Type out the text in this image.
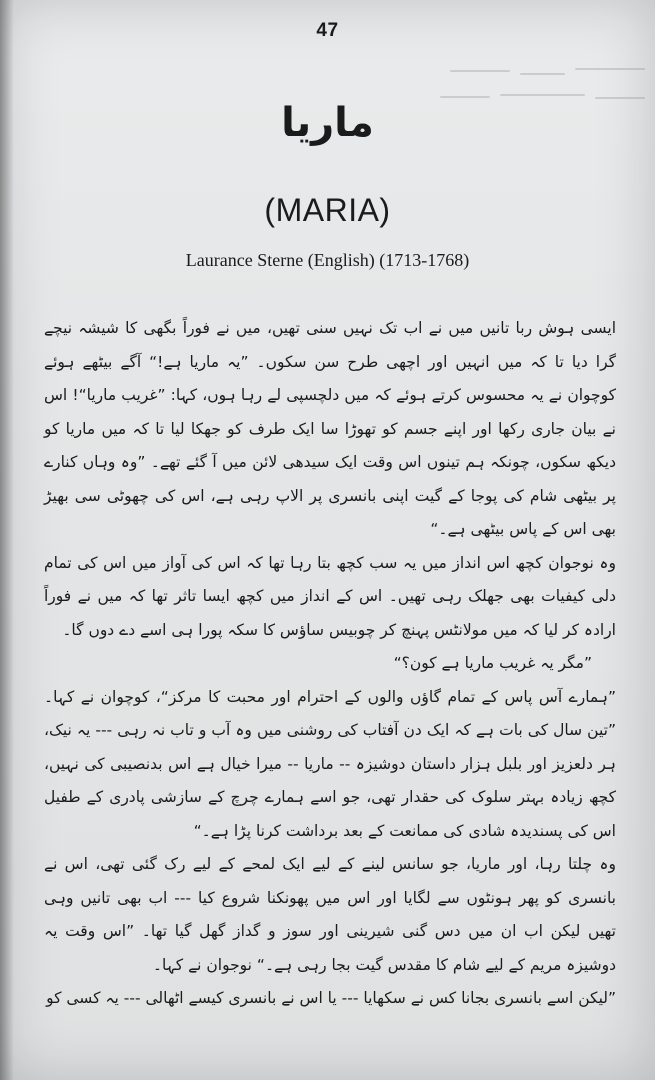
47
ماریا
(MARIA)
Laurance Sterne (English) (1713-1768)

ایسی ہوش ربا تانیں میں نے اب تک نہیں سنی تھیں، میں نے فوراً بگھی کا شیشہ نیچے گرا دیا تا کہ میں انہیں اور اچھی طرح سن سکوں۔ ”یہ ماریا ہے!“ آگے بیٹھے ہوئے کوچوان نے یہ محسوس کرتے ہوئے کہ میں دلچسپی لے رہا ہوں، کہا: ”غریب ماریا“! اس نے بیان جاری رکھا اور اپنے جسم کو تھوڑا سا ایک طرف کو جھکا لیا تا کہ میں ماریا کو دیکھ سکوں، چونکہ ہم تینوں اس وقت ایک سیدھی لائن میں آ گئے تھے۔ ”وہ وہاں کنارے پر بیٹھی شام کی پوجا کے گیت اپنی بانسری پر الاپ رہی ہے، اس کی چھوٹی سی بھیڑ بھی اس کے پاس بیٹھی ہے۔“

وہ نوجوان کچھ اس انداز میں یہ سب کچھ بتا رہا تھا کہ اس کی آواز میں اس کی تمام دلی کیفیات بھی جھلک رہی تھیں۔ اس کے انداز میں کچھ ایسا تاثر تھا کہ میں نے فوراً ارادہ کر لیا کہ میں مولانٹس پہنچ کر چوبیس ساؤس کا سکہ پورا ہی اسے دے دوں گا۔

”مگر یہ غریب ماریا ہے کون؟“

”ہمارے آس پاس کے تمام گاؤں والوں کے احترام اور محبت کا مرکز“، کوچوان نے کہا۔ ”تین سال کی بات ہے کہ ایک دن آفتاب کی روشنی میں وہ آب و تاب نہ رہی --- یہ نیک، ہر دلعزیز اور بلبل ہزار داستان دوشیزہ -- ماریا -- میرا خیال ہے اس بدنصیبی کی نہیں، کچھ زیادہ بہتر سلوک کی حقدار تھی، جو اسے ہمارے چرچ کے سازشی پادری کے طفیل اس کی پسندیدہ شادی کی ممانعت کے بعد برداشت کرنا پڑا ہے۔“

وہ چلتا رہا، اور ماریا، جو سانس لینے کے لیے ایک لمحے کے لیے رک گئی تھی، اس نے بانسری کو پھر ہونٹوں سے لگایا اور اس میں پھونکنا شروع کیا --- اب بھی تانیں وہی تھیں لیکن اب ان میں دس گنی شیرینی اور سوز و گداز گھل گیا تھا۔ ”اس وقت یہ دوشیزہ مریم کے لیے شام کا مقدس گیت بجا رہی ہے۔“ نوجوان نے کہا۔

”لیکن اسے بانسری بجانا کس نے سکھایا --- یا اس نے بانسری کیسے اٹھالی --- یہ کسی کو
